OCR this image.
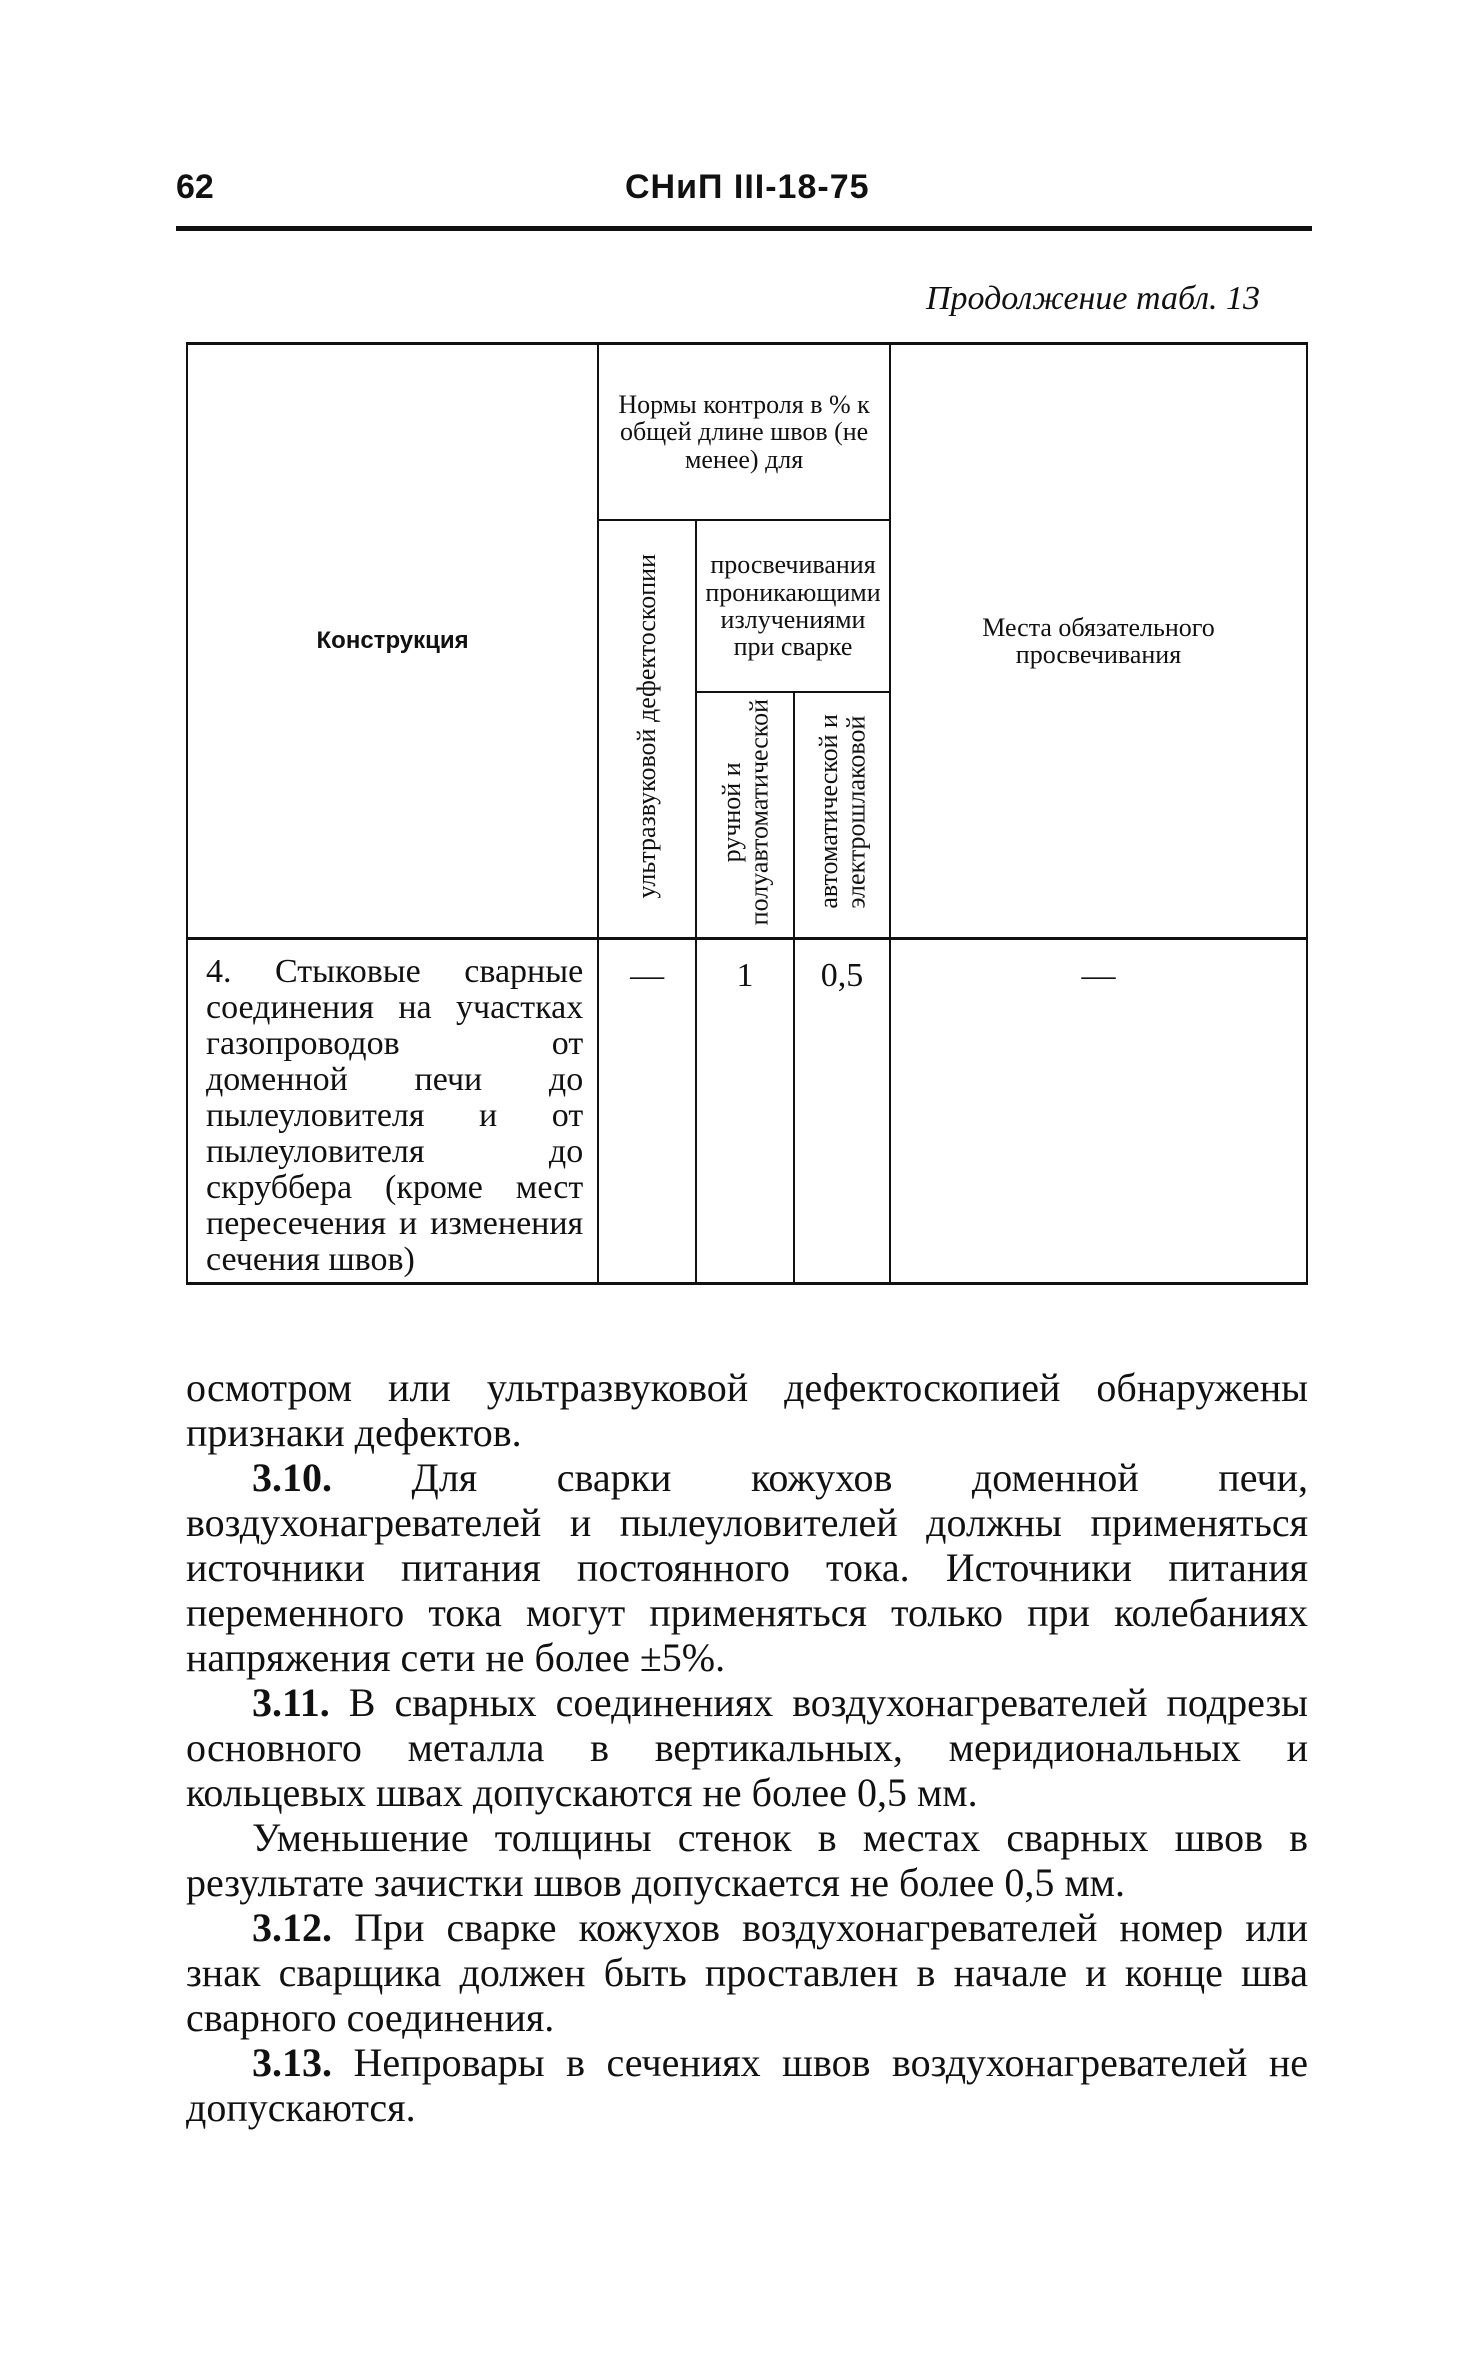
62	СНиП III-18-75
Продолжение табл. 13
Конструкция	Нормы контроля в % к общей длине швов (не менее) для			Места обязательного просвечивания
	ультразвуковой дефектоскопии	просвечивания проникающими излучениями при сварке		
		ручной и полуавтоматической	автоматической и электрошлаковой	

4. Стыковые сварные соединения на участках газопроводов от доменной печи до пылеуловителя и от пылеуловителя до скруббера (кроме мест пересечения и изменения сечения швов)	—	1	0,5	—

осмотром или ультразвуковой дефектоскопией обнаружены признаки дефектов.

3.10. Для сварки кожухов доменной печи, воздухонагревателей и пылеуловителей должны применяться источники питания постоянного тока. Источники питания переменного тока могут применяться только при колебаниях напряжения сети не более ±5%.

3.11. В сварных соединениях воздухонагревателей подрезы основного металла в вертикальных, меридиональных и кольцевых швах допускаются не более 0,5 мм.

Уменьшение толщины стенок в местах сварных швов в результате зачистки швов допускается не более 0,5 мм.

3.12. При сварке кожухов воздухонагревателей номер или знак сварщика должен быть проставлен в начале и конце шва сварного соединения.

3.13. Непровары в сечениях швов воздухонагревателей не допускаются.
